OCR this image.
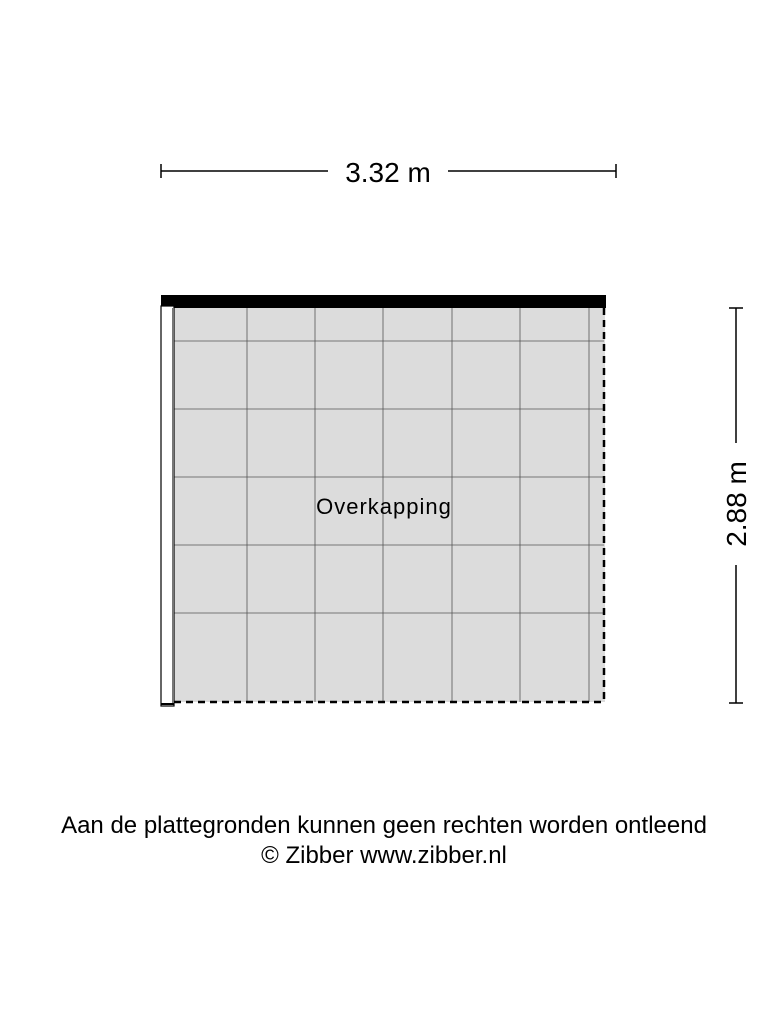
3.32 m
Overkapping	2.88 m
Aan de plattegronden kunnen geen rechten worden ontleend
© Zibber www.zibber.nl
